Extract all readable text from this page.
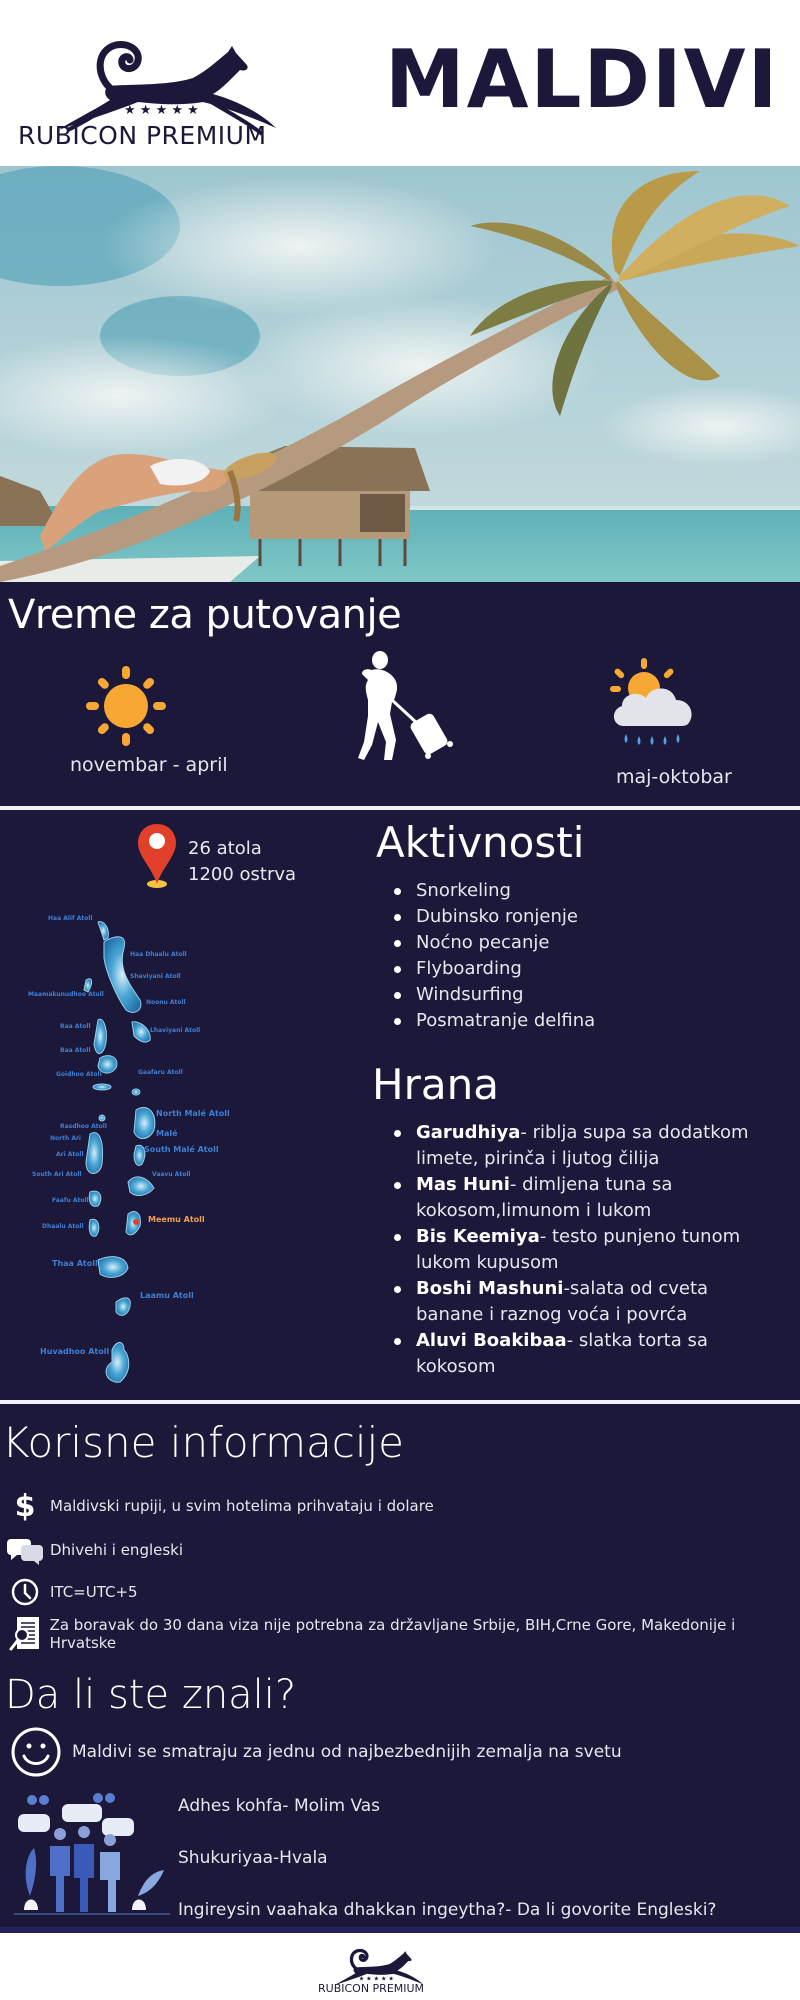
★ ★ ★ ★ ★
RUBICON PREMIUM
MALDIVI
Vreme za putovanje
novembar - april
maj-oktobar
26 atola
1200 ostrva
Haa Alif Atoll
Haa Dhaalu Atoll
Shaviyani Atoll
Maamakunudhoo Atoll
Noonu Atoll
Raa Atoll
Lhaviyani Atoll
Baa Atoll
Goidhoo Atoll	Gaafaru Atoll
North Malé Atoll
Rasdhoo Atoll
North Ari
Malé
Ari Atoll
South Malé Atoll
South Ari Atoll	Vaavu Atoll
Faafu Atoll
Dhaalu Atoll
Thaa Atoll
Laamu Atoll
Huvadhoo Atoll
Meemu Atoll
Aktivnosti
Snorkeling
Dubinsko ronjenje
Noćno pecanje
Flyboarding
Windsurfing
Posmatranje delfina
Hrana
Garudhiya- riblja supa sa dodatkom limete, pirinča i ljutog čilija
Mas Huni- dimljena tuna sa kokosom,limunom i lukom
Bis Keemiya- testo punjeno tunom lukom kupusom
Boshi Mashuni-salata od cveta banane i raznog voća i povrća
Aluvi Boakibaa- slatka torta sa kokosom
Korisne informacije
$ Maldivski rupiji, u svim hotelima prihvataju i dolare
Dhivehi i engleski
ITC=UTC+5
Za boravak do 30 dana viza nije potrebna za državljane Srbije, BIH,Crne Gore, Makedonije i Hrvatske
Da li ste znali?
Maldivi se smatraju za jednu od najbezbednijih zemalja na svetu
Adhes kohfa- Molim Vas
Shukuriyaa-Hvala
Ingireysin vaahaka dhakkan ingeytha?- Da li govorite Engleski?
★ ★ ★ ★ ★
RUBICON PREMIUM
